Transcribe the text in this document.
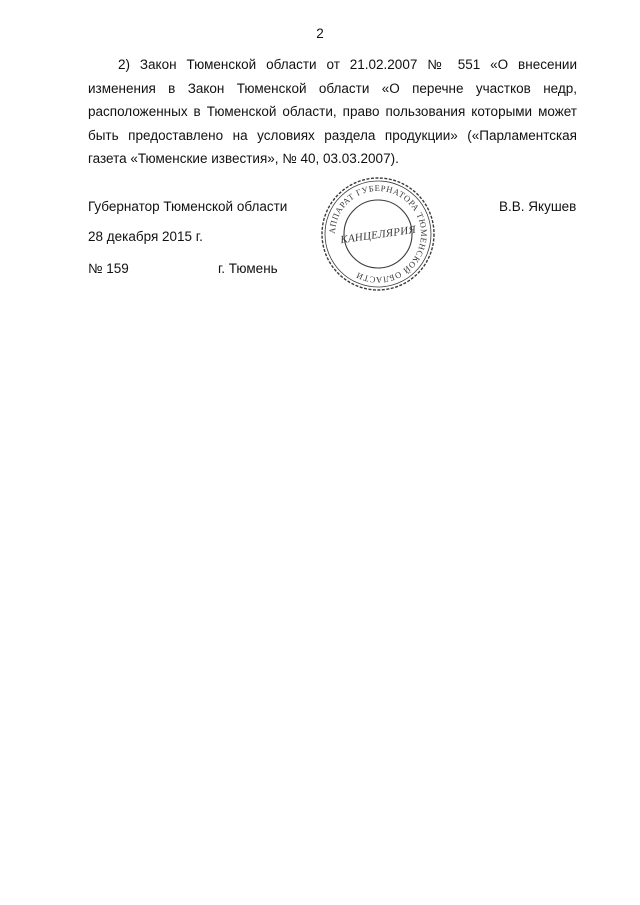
2

2) Закон Тюменской области от 21.02.2007 № 551 «О внесении изменения в Закон Тюменской области «О перечне участков недр, расположенных в Тюменской области, право пользования которыми может быть предоставлено на условиях раздела продукции» («Парламентская газета «Тюменские известия», № 40, 03.03.2007).

Губернатор Тюменской области	В.В. Якушев
28 декабря 2015 г.
№ 159	г. Тюмень
АППАРАТ ГУБЕРНАТОРА ТЮМЕНСКОЙ ОБЛАСТИ
КАНЦЕЛЯРИЯ
